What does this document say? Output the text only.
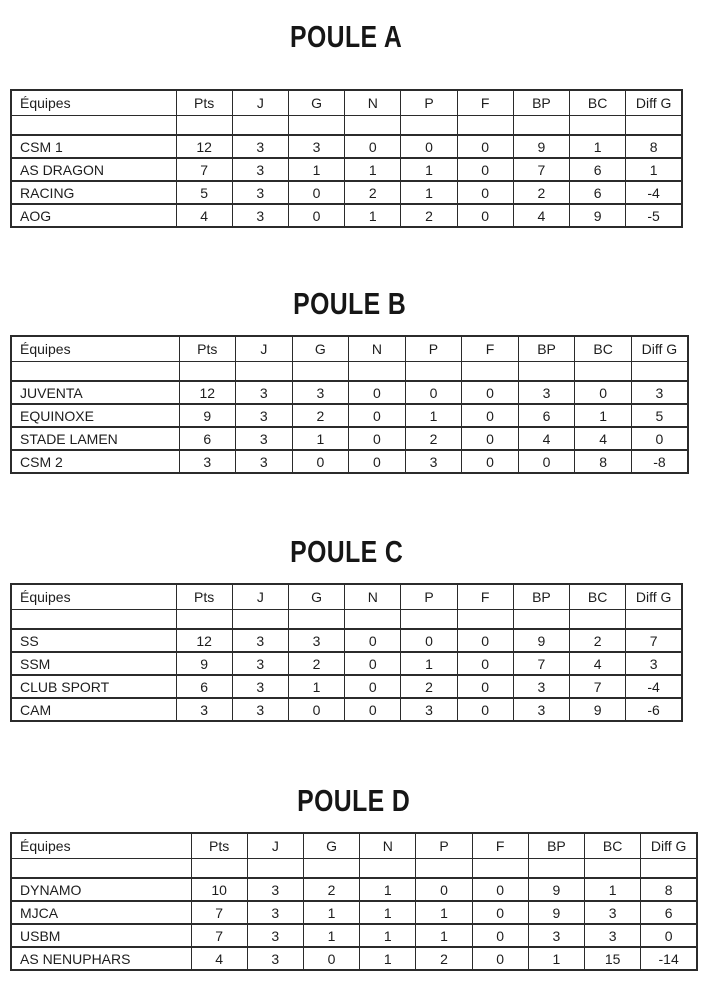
POULE A
Équipes	Pts	J	G	N	P	F	BP	BC	Diff G

CSM 1	12	3	3	0	0	0	9	1	8
AS DRAGON	7	3	1	1	1	0	7	6	1
RACING	5	3	0	2	1	0	2	6	-4
AOG	4	3	0	1	2	0	4	9	-5
POULE B
Équipes	Pts	J	G	N	P	F	BP	BC	Diff G

JUVENTA	12	3	3	0	0	0	3	0	3
EQUINOXE	9	3	2	0	1	0	6	1	5
STADE LAMEN	6	3	1	0	2	0	4	4	0
CSM 2	3	3	0	0	3	0	0	8	-8
POULE C
Équipes	Pts	J	G	N	P	F	BP	BC	Diff G

SS	12	3	3	0	0	0	9	2	7
SSM	9	3	2	0	1	0	7	4	3
CLUB SPORT	6	3	1	0	2	0	3	7	-4
CAM	3	3	0	0	3	0	3	9	-6
POULE D
Équipes	Pts	J	G	N	P	F	BP	BC	Diff G

DYNAMO	10	3	2	1	0	0	9	1	8
MJCA	7	3	1	1	1	0	9	3	6
USBM	7	3	1	1	1	0	3	3	0
AS NENUPHARS	4	3	0	1	2	0	1	15	-14
